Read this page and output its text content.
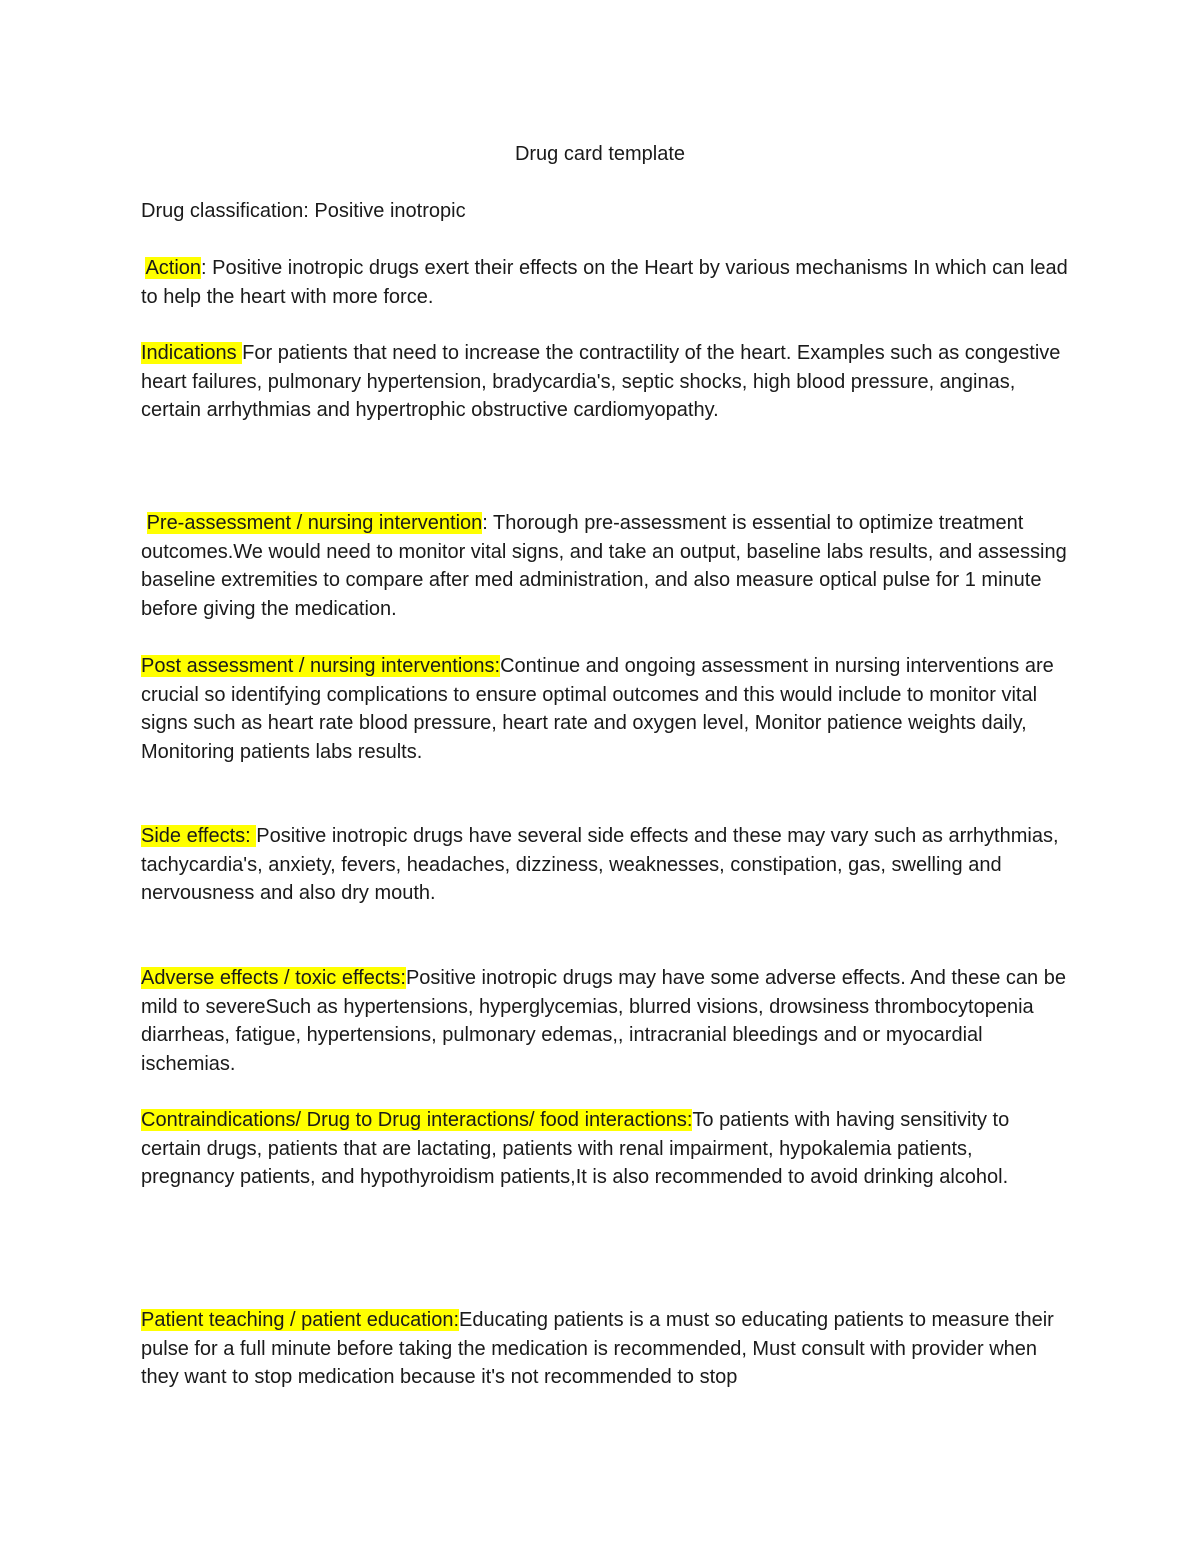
Drug card template
Drug classification: Positive inotropic
Action: Positive inotropic drugs exert their effects on the Heart by various mechanisms In which can lead to help the heart with more force.
Indications For patients that need to increase the contractility of the heart. Examples such as congestive heart failures, pulmonary hypertension, bradycardia's, septic shocks, high blood pressure, anginas, certain arrhythmias and hypertrophic obstructive cardiomyopathy.
Pre-assessment / nursing intervention: Thorough pre-assessment is essential to optimize treatment outcomes.We would need to monitor vital signs, and take an output, baseline labs results, and assessing baseline extremities to compare after med administration, and also measure optical pulse for 1 minute before giving the medication.
Post assessment / nursing interventions:Continue and ongoing assessment in nursing interventions are crucial so identifying complications to ensure optimal outcomes and this would include to monitor vital signs such as heart rate blood pressure, heart rate and oxygen level, Monitor patience weights daily, Monitoring patients labs results.
Side effects: Positive inotropic drugs have several side effects and these may vary such as arrhythmias, tachycardia's, anxiety, fevers, headaches, dizziness, weaknesses, constipation, gas, swelling and nervousness and also dry mouth.
Adverse effects / toxic effects:Positive inotropic drugs may have some adverse effects. And these can be mild to severeSuch as hypertensions, hyperglycemias, blurred visions, drowsiness thrombocytopenia diarrheas, fatigue, hypertensions, pulmonary edemas,, intracranial bleedings and or myocardial ischemias.
Contraindications/ Drug to Drug interactions/ food interactions:To patients with having sensitivity to certain drugs, patients that are lactating, patients with renal impairment, hypokalemia patients, pregnancy patients, and hypothyroidism patients,It is also recommended to avoid drinking alcohol.
Patient teaching / patient education:Educating patients is a must so educating patients to measure their pulse for a full minute before taking the medication is recommended, Must consult with provider when they want to stop medication because it's not recommended to stop
